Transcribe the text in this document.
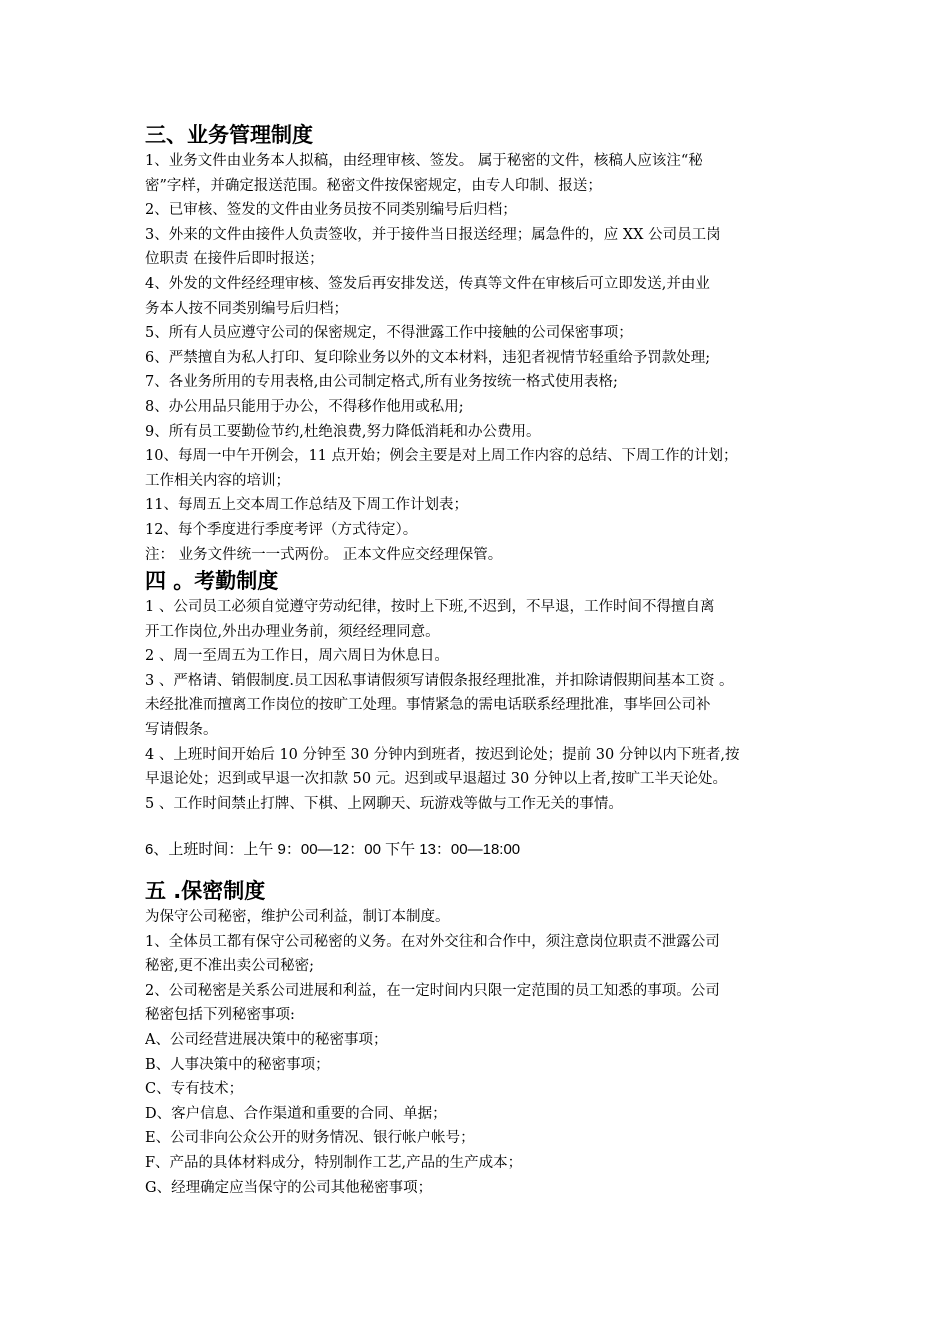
三、业务管理制度
1、业务文件由业务本人拟稿，由经理审核、签发。 属于秘密的文件，核稿人应该注“秘
密”字样，并确定报送范围。秘密文件按保密规定，由专人印制、报送；
2、已审核、签发的文件由业务员按不同类别编号后归档；
3、外来的文件由接件人负责签收，并于接件当日报送经理；属急件的，应 XX 公司员工岗
位职责 在接件后即时报送；
4、外发的文件经经理审核、签发后再安排发送，传真等文件在审核后可立即发送,并由业
务本人按不同类别编号后归档；
5、所有人员应遵守公司的保密规定，不得泄露工作中接触的公司保密事项；
6、严禁擅自为私人打印、复印除业务以外的文本材料，违犯者视情节轻重给予罚款处理;
7、各业务所用的专用表格,由公司制定格式,所有业务按统一格式使用表格;
8、办公用品只能用于办公，不得移作他用或私用;
9、所有员工要勤俭节约,杜绝浪费,努力降低消耗和办公费用。
10、每周一中午开例会，11 点开始；例会主要是对上周工作内容的总结、下周工作的计划；
工作相关内容的培训；
11、每周五上交本周工作总结及下周工作计划表；
12、每个季度进行季度考评（方式待定）。
注： 业务文件统一一式两份。 正本文件应交经理保管。
四 。考勤制度
1 、公司员工必须自觉遵守劳动纪律，按时上下班,不迟到，不早退，工作时间不得擅自离
开工作岗位,外出办理业务前，须经经理同意。
2 、周一至周五为工作日，周六周日为休息日。
3 、严格请、销假制度.员工因私事请假须写请假条报经理批准，并扣除请假期间基本工资 。
未经批准而擅离工作岗位的按旷工处理。事情紧急的需电话联系经理批准，事毕回公司补
写请假条。
4 、上班时间开始后 10 分钟至 30 分钟内到班者，按迟到论处；提前 30 分钟以内下班者,按
早退论处；迟到或早退一次扣款 50 元。迟到或早退超过 30 分钟以上者,按旷工半天论处。
5 、工作时间禁止打牌、下棋、上网聊天、玩游戏等做与工作无关的事情。
6、上班时间：上午 9：00—12：00 下午 13：00—18:00
五 .保密制度
为保守公司秘密，维护公司利益，制订本制度。
1、全体员工都有保守公司秘密的义务。在对外交往和合作中，须注意岗位职责不泄露公司
秘密,更不准出卖公司秘密;
2、公司秘密是关系公司进展和利益，在一定时间内只限一定范围的员工知悉的事项。公司
秘密包括下列秘密事项:
A、公司经营进展决策中的秘密事项；
B、人事决策中的秘密事项；
C、专有技术；
D、客户信息、合作渠道和重要的合同、单据；
E、公司非向公众公开的财务情况、银行帐户帐号；
F、产品的具体材料成分，特别制作工艺,产品的生产成本；
G、经理确定应当保守的公司其他秘密事项；
